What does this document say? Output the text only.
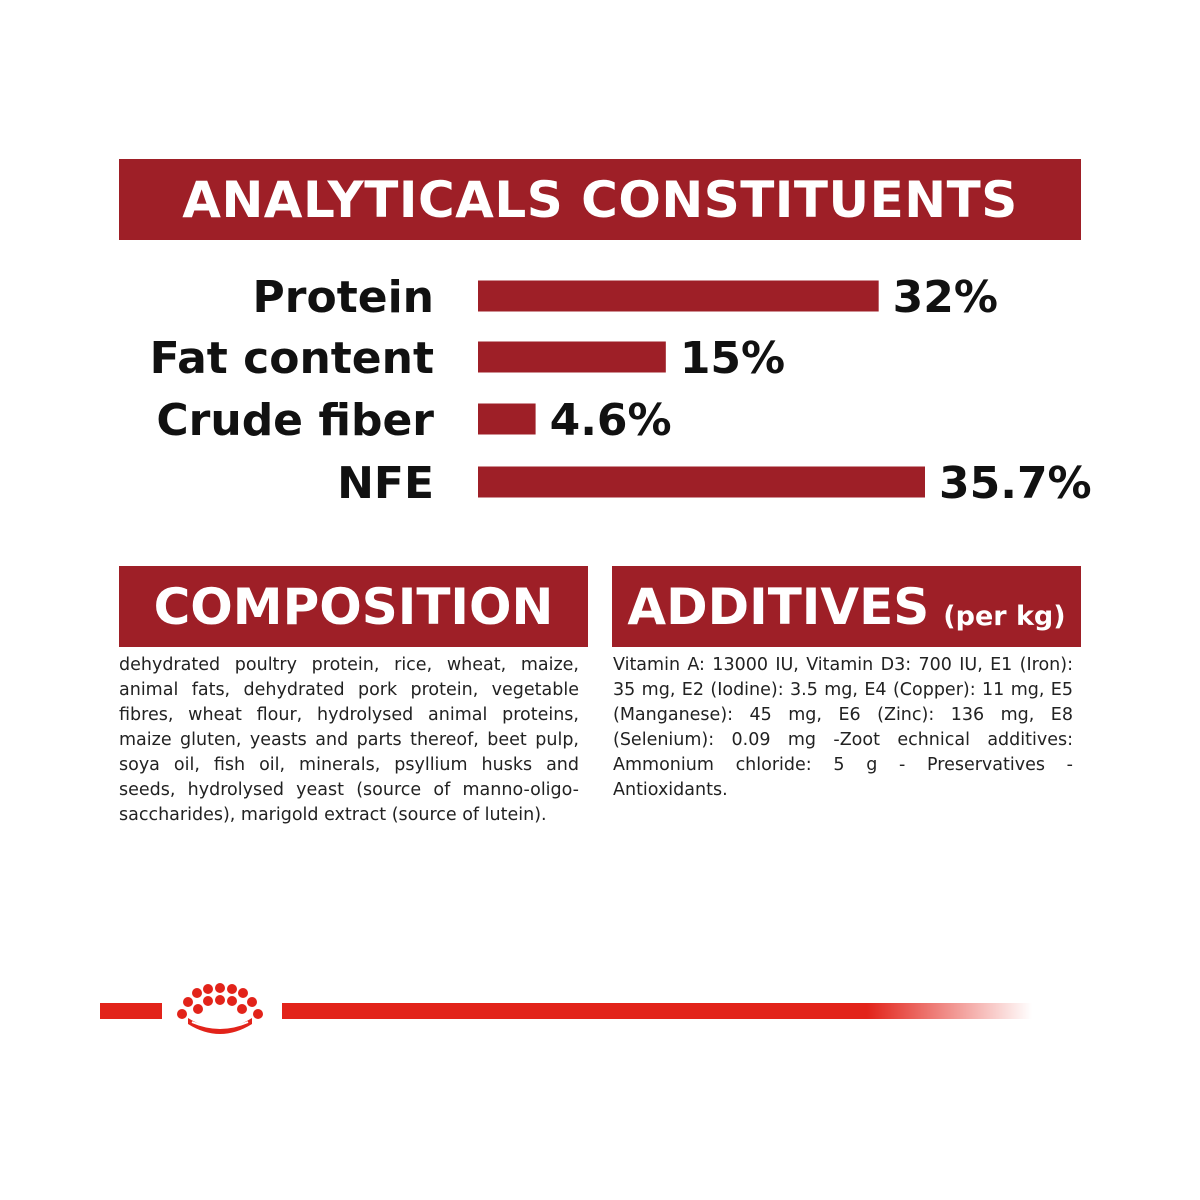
ANALYTICALS CONSTITUENTS
Protein	32%
Fat content	15%
Crude fiber	4.6%
NFE	35.7%
COMPOSITION ADDITIVES (per kg)

dehydrated poultry protein, rice, wheat, maize, animal fats, dehydrated pork protein, vegetable fibres, wheat flour, hydrolysed animal proteins, maize gluten, yeasts and parts thereof, beet pulp, soya oil, fish oil, minerals, psyllium husks and seeds, hydrolysed yeast (source of manno-oligo-saccharides), marigold extract (source of lutein).

Vitamin A: 13000 IU, Vitamin D3: 700 IU, E1 (Iron): 35 mg, E2 (Iodine): 3.5 mg, E4 (Copper): 11 mg, E5 (Manganese): 45 mg, E6 (Zinc): 136 mg, E8 (Selenium): 0.09 mg -Zoot echnical additives: Ammonium chloride: 5 g - Preservatives - Antioxidants.
